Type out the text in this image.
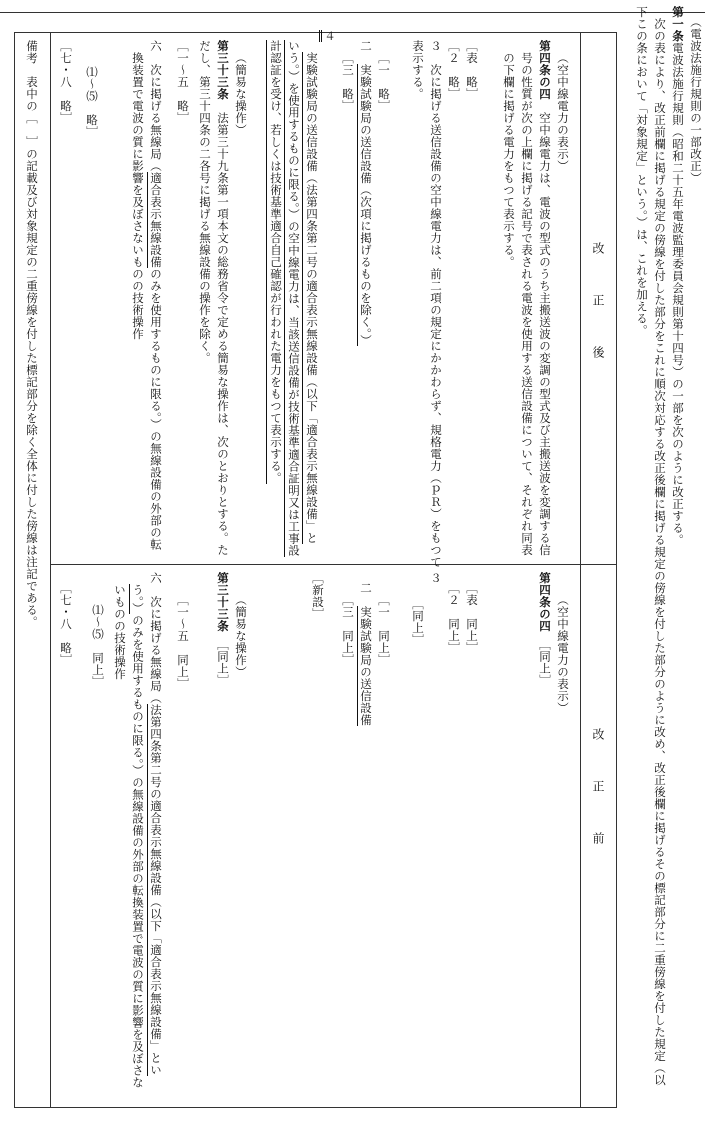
（電波法施行規則の一部改正）
第一条電波法施行規則（昭和二十五年電波監理委員会規則第十四号）の一部を次のように改正する。
次の表により、改正前欄に掲げる規定の傍線を付した部分をこれに順次対応する改正後欄に掲げる規定の傍線を付した部分のように改め、改正後欄に掲げるその標記部分に二重傍線を付した規定（以
下この条において「対象規定」という。）は、これを加える。
改正後
改正前
（空中線電力の表示）
第四条の四　空中線電力は、電波の型式のうち主搬送波の変調の型式及び主搬送波を変調する信
号の性質が次の上欄に掲げる記号で表される電波を使用する送信設備について、それぞれ同表
の下欄に掲げる電力をもつて表示する。
［表　略］
［２　略］
３　次に掲げる送信設備の空中線電力は、前二項の規定にかかわらず、規格電力（ｐＲ）をもつて
表示する。
［一　略］
二　実験試験局の送信設備（次項に掲げるものを除く。）
［三　略］
４
実験試験局の送信設備（法第四条第二号の適合表示無線設備（以下「適合表示無線設備」と
いう。）を使用するものに限る。）の空中線電力は、当該送信設備が技術基準適合証明又は工事設
計認証を受け、若しくは技術基準適合自己確認が行われた電力をもつて表示する。
（簡易な操作）
第三十三条　法第三十九条第一項本文の総務省令で定める簡易な操作は、次のとおりとする。た
だし、第三十四条の二各号に掲げる無線設備の操作を除く。
［一～五　略］
六　次に掲げる無線局（適合表示無線設備のみを使用するものに限る。）の無線設備の外部の転
換装置で電波の質に影響を及ぼさないものの技術操作
⑴～⑸　略］
［七・八　略］
（空中線電力の表示）
第四条の四　［同上］
［表　同上］
［２　同上］
３
［同上］
［一　同上］
二　実験試験局の送信設備
［三　同上］
［新設］
（簡易な操作）
第三十三条　［同上］
［一～五　同上］
六　次に掲げる無線局（法第四条第二号の適合表示無線設備（以下「適合表示無線設備」とい
う。）のみを使用するものに限る。）の無線設備の外部の転換装置で電波の質に影響を及ぼさな
いものの技術操作
⑴～⑸　同上］
［七・八　略］
備考　表中の［　］の記載及び対象規定の二重傍線を付した標記部分を除く全体に付した傍線は注記である。
